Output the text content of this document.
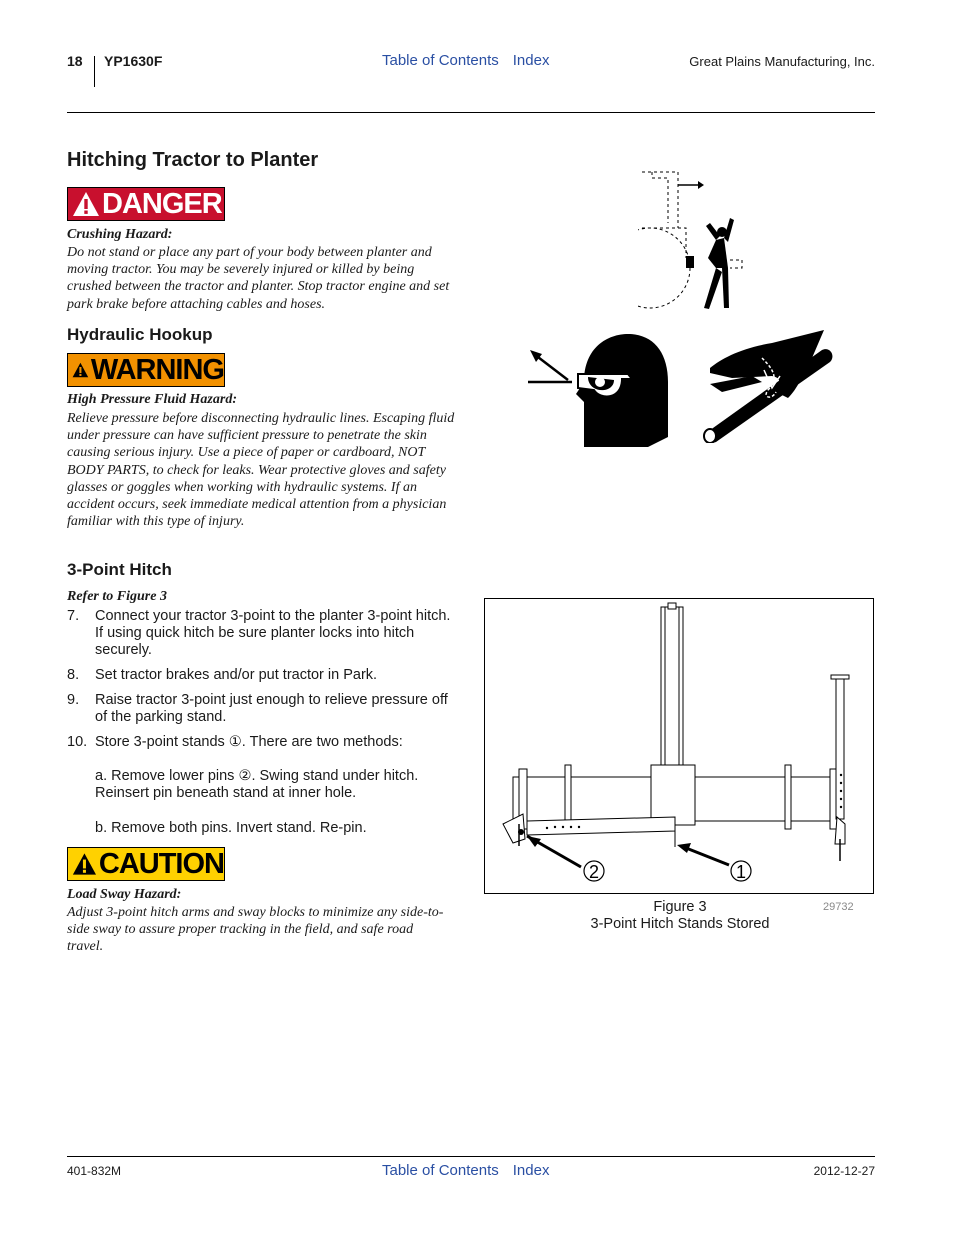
18 YP1630F	Table of Contents Index	Great Plains Manufacturing, Inc.
Hitching Tractor to Planter
DANGER
Crushing Hazard:
Do not stand or place any part of your body between planter and moving tractor. You may be severely injured or killed by being crushed between the tractor and planter. Stop tractor engine and set park brake before attaching cables and hoses.
Hydraulic Hookup
WARNING
High Pressure Fluid Hazard:
Relieve pressure before disconnecting hydraulic lines. Escaping fluid under pressure can have sufficient pressure to penetrate the skin causing serious injury. Use a piece of paper or cardboard, NOT BODY PARTS, to check for leaks. Wear protective gloves and safety glasses or goggles when working with hydraulic systems. If an accident occurs, seek immediate medical attention from a physician familiar with this type of injury.
3-Point Hitch
Refer to Figure 3
7. Connect your tractor 3-point to the planter 3-point hitch. If using quick hitch be sure planter locks into hitch securely.
8. Set tractor brakes and/or put tractor in Park.
9. Raise tractor 3-point just enough to relieve pressure off of the parking stand.
10. Store 3-point stands ①. There are two methods:
a. Remove lower pins ②. Swing stand under hitch. Reinsert pin beneath stand at inner hole.
b. Remove both pins. Invert stand. Re-pin.
CAUTION
Load Sway Hazard:
Adjust 3-point hitch arms and sway blocks to minimize any side-to-side sway to assure proper tracking in the field, and safe road travel.
2	1
Figure 3
3-Point Hitch Stands Stored
29732
401-832M	Table of Contents Index	2012-12-27
